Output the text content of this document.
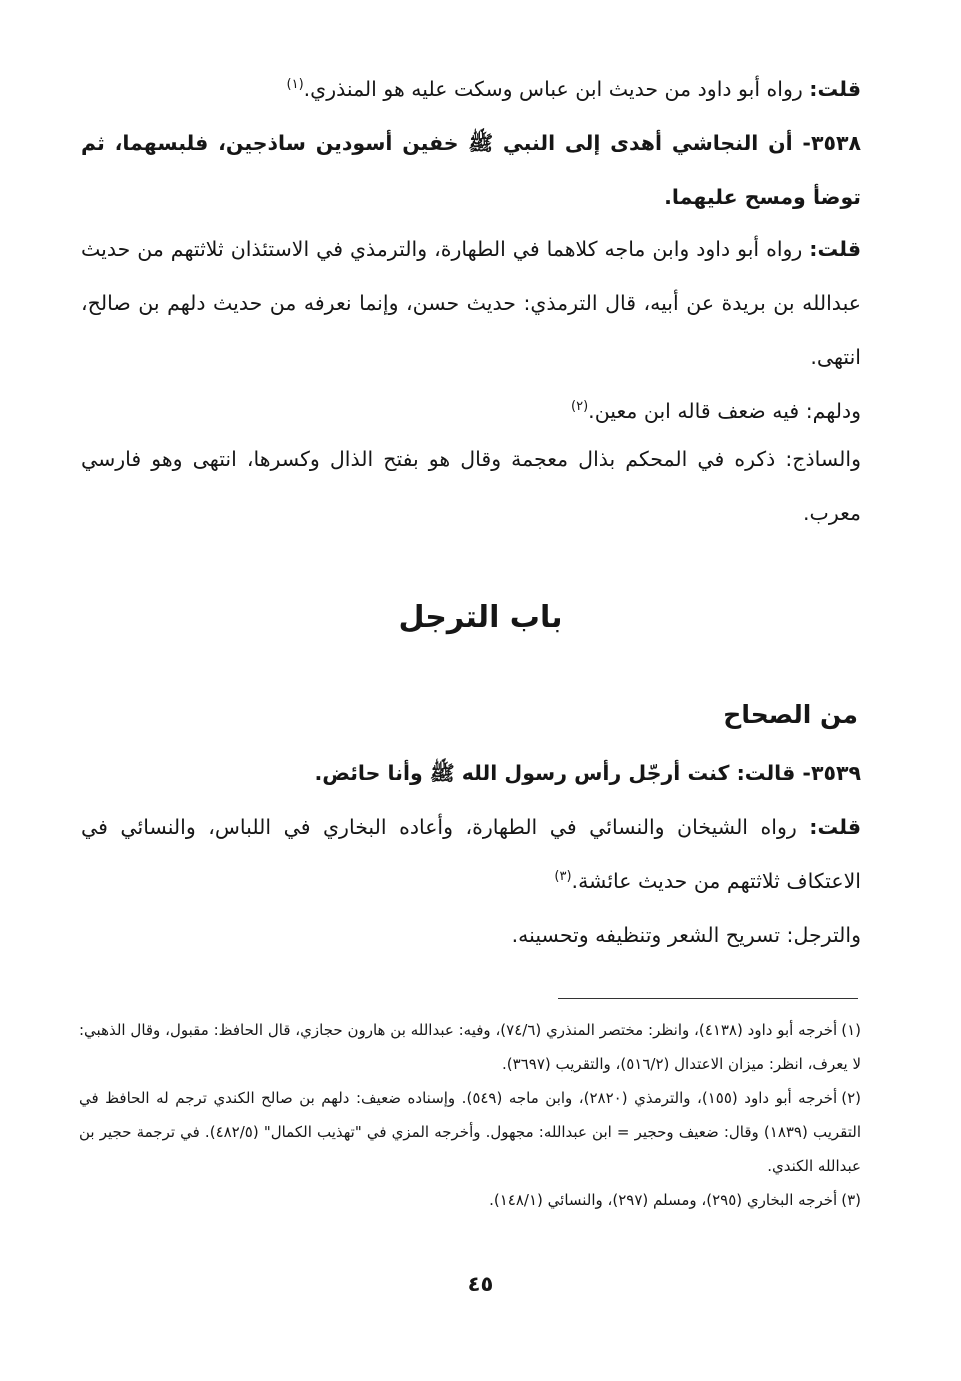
قلت: رواه أبو داود من حديث ابن عباس وسكت عليه هو المنذري.$^{(١)}$

٣٥٣٨- أن النجاشي أهدى إلى النبي ﷺ خفين أسودين ساذجين، فلبسهما، ثم توضأ ومسح عليهما.

قلت: رواه أبو داود وابن ماجه كلاهما في الطهارة، والترمذي في الاستئذان ثلاثتهم من حديث عبدالله بن بريدة عن أبيه، قال الترمذي: حديث حسن، وإنما نعرفه من حديث دلهم بن صالح، انتهى.

ودلهم: فيه ضعف قاله ابن معين.$^{(٢)}$

والساذج: ذكره في المحكم بذال معجمة وقال هو بفتح الذال وكسرها، انتهى وهو فارسي معرب.

باب الترجل
من الصحاح

٣٥٣٩- قالت: كنت أرجّل رأس رسول الله ﷺ وأنا حائض.

قلت: رواه الشيخان والنسائي في الطهارة، وأعاده البخاري في اللباس، والنسائي في الاعتكاف ثلاثتهم من حديث عائشة.$^{(٣)}$

والترجل: تسريح الشعر وتنظيفه وتحسينه.

(١)أخرجه أبو داود (٤١٣٨)، وانظر: مختصر المنذري (٧٤/٦)، وفيه: عبدالله بن هارون حجازي، قال الحافظ: مقبول، وقال الذهبي: لا يعرف، انظر: ميزان الاعتدال (٥١٦/٢)، والتقريب (٣٦٩٧).

(٢)أخرجه أبو داود (١٥٥)، والترمذي (٢٨٢٠)، وابن ماجه (٥٤٩). وإسناده ضعيف: دلهم بن صالح الكندي ترجم له الحافظ في التقريب (١٨٣٩) وقال: ضعيف وحجير = ابن عبدالله: مجهول. وأخرجه المزي في "تهذيب الكمال" (٤٨٢/٥). في ترجمة حجير بن عبدالله الكندي.

(٣)أخرجه البخاري (٢٩٥)، ومسلم (٢٩٧)، والنسائي (١٤٨/١).

٤٥
